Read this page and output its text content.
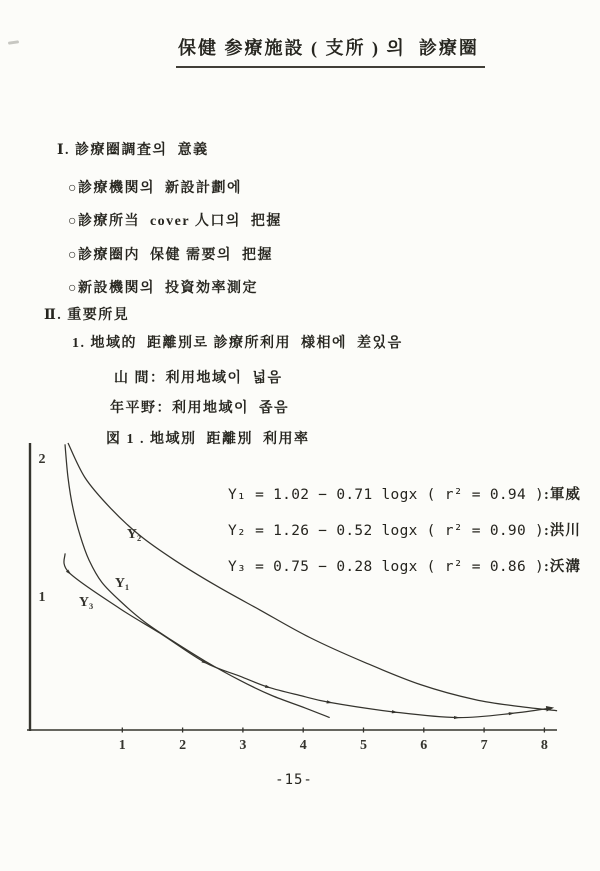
保健 参療施設 ( 支所 ) 의  診療圈
Ⅰ. 診療圈調査의  意義
○診療機関의  新設計劃에
○診療所当  cover 人口의  把握
○診療圈内  保健 需要의  把握
○新設機関의  投資効率測定
Ⅱ. 重要所見
1. 地域的  距離別로 診療所利用  様相에  差있음
山 間：利用地域이  넓음
年平野：利用地域이  좁음
図 1 . 地域別  距離別  利用率
1	2	3	4	5	6	7	8
2
1
Y₁
Y₂
Y₃
Y₁ = 1.02 − 0.71 logx ( r² = 0.94 ):軍威
Y₂ = 1.26 − 0.52 logx ( r² = 0.90 ):洪川
Y₃ = 0.75 − 0.28 logx ( r² = 0.86 ):沃溝
-15-
